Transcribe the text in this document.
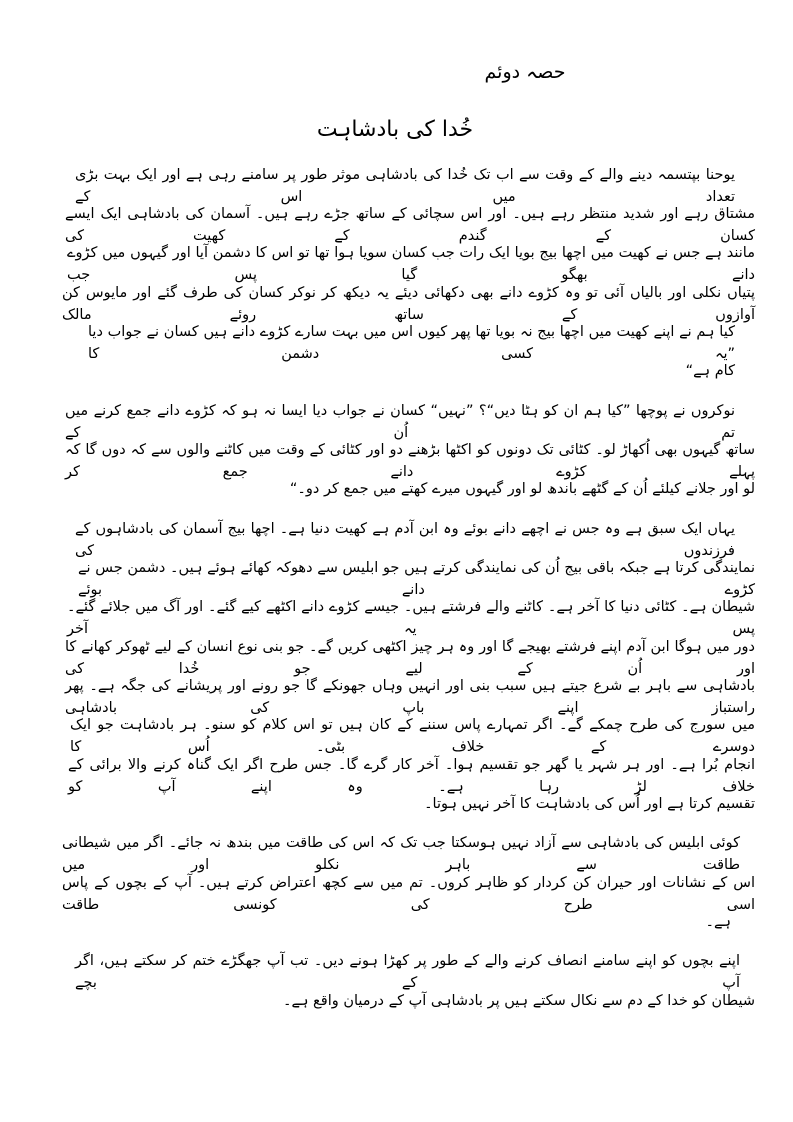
حصہ دوئم
خُدا کی بادشاہت
یوحنا بپتسمہ دینے والے کے وقت سے اب تک خُدا کی بادشاہی موثر طور پر سامنے رہی ہے اور ایک بہت بڑی تعداد میں اس کے
مشتاق رہے اور شدید منتظر رہے ہیں۔ اور اس سچائی کے ساتھ جڑے رہے ہیں۔ آسمان کی بادشاہی ایک ایسے کسان کے گندم کے کھیت کی
مانند ہے جس نے کھیت میں اچھا بیج بویا ایک رات جب کسان سویا ہوا تھا تو اس کا دشمن آیا اور گیہوں میں کڑوے دانے بھگو گیا پس جب
پتیاں نکلی اور بالیاں آئی تو وہ کڑوے دانے بھی دکھائی دیئے یہ دیکھ کر نوکر کسان کی طرف گئے اور مایوس کن آوازوں کے ساتھ روئے مالک
کیا ہم نے اپنے کھیت میں اچھا بیج نہ بویا تھا پھر کیوں اس میں بہت سارے کڑوے دانے ہیں کسان نے جواب دیا ”یہ کسی دشمن کا
کام ہے“
نوکروں نے پوچھا ”کیا ہم ان کو ہٹا دیں“؟ ”نہیں“ کسان نے جواب دیا ایسا نہ ہو کہ کڑوے دانے جمع کرنے میں تم اُن کے
ساتھ گیہوں بھی اُکھاڑ لو۔ کٹائی تک دونوں کو اکٹھا بڑھنے دو اور کٹائی کے وقت میں کاٹنے والوں سے کہ دوں گا کہ پہلے کڑوے دانے جمع کر
لو اور جلانے کیلئے اُن کے گٹھے باندھ لو اور گیہوں میرے کھتے میں جمع کر دو۔“
یہاں ایک سبق ہے وہ جس نے اچھے دانے بوئے وہ ابن آدم ہے کھیت دنیا ہے۔ اچھا بیج آسمان کی بادشاہوں کے فرزندوں کی
نمایندگی کرتا ہے جبکہ باقی بیج اُن کی نمایندگی کرتے ہیں جو ابلیس سے دھوکہ کھائے ہوئے ہیں۔ دشمن جس نے کڑوے دانے بوئے
شیطان ہے۔ کٹائی دنیا کا آخر ہے۔ کاٹنے والے فرشتے ہیں۔ جیسے کڑوے دانے اکٹھے کیے گئے۔ اور آگ میں جلائے گئے۔ پس یہ آخر
دور میں ہوگا ابن آدم اپنے فرشتے بھیجے گا اور وہ ہر چیز اکٹھی کریں گے۔ جو بنی نوع انسان کے لیے ٹھوکر کھانے کا اور اُن کے لیے جو خُدا کی
بادشاہی سے باہر بے شرع جیتے ہیں سبب بنی اور انہیں وہاں جھونکے گا جو رونے اور پریشانے کی جگہ ہے۔ پھر راستباز اپنے باپ کی بادشاہی
میں سورج کی طرح چمکے گے۔ اگر تمہارے پاس سننے کے کان ہیں تو اس کلام کو سنو۔ ہر بادشاہت جو ایک دوسرے کے خلاف بٹی۔ اُس کا
انجام بُرا ہے۔ اور ہر شہر یا گھر جو تقسیم ہوا۔ آخر کار گرے گا۔ جس طرح اگر ایک گناہ کرنے والا برائی کے خلاف لڑ رہا ہے۔ وہ اپنے آپ کو
تقسیم کرتا ہے اور اُس کی بادشاہت کا آخر نہیں ہوتا۔
کوئی ابلیس کی بادشاہی سے آزاد نہیں ہوسکتا جب تک کہ اس کی طاقت میں بندھ نہ جائے۔ اگر میں شیطانی طاقت سے باہر نکلو اور میں
اس کے نشانات اور حیران کن کردار کو ظاہر کروں۔ تم میں سے کچھ اعتراض کرتے ہیں۔ آپ کے بچوں کے پاس اسی طرح کی کونسی طاقت
ہے۔
اپنے بچوں کو اپنے سامنے انصاف کرنے والے کے طور پر کھڑا ہونے دیں۔ تب آپ جھگڑے ختم کر سکتے ہیں، اگر آپ کے بچے
شیطان کو خدا کے دم سے نکال سکتے ہیں پر بادشاہی آپ کے درمیان واقع ہے۔
